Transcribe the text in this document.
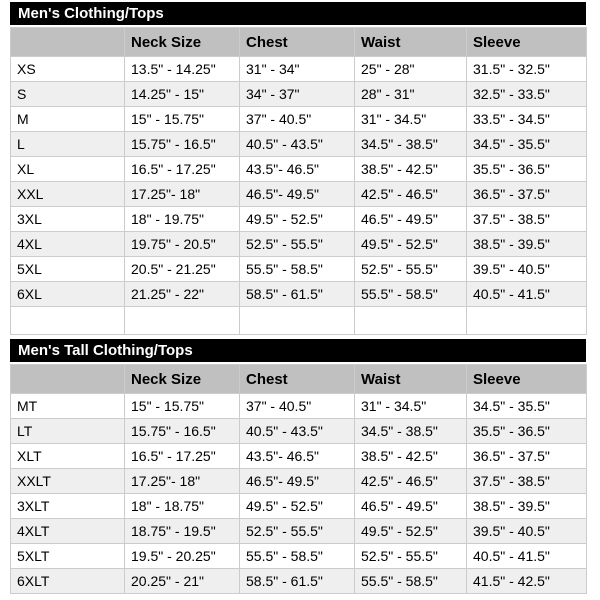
Men's Clothing/Tops
	Neck Size	Chest	Waist	Sleeve
XS	13.5" - 14.25"	31" - 34"	25" - 28"	31.5" - 32.5"
S	14.25" - 15"	34" - 37"	28" - 31"	32.5" - 33.5"
M	15" - 15.75"	37" - 40.5"	31" - 34.5"	33.5" - 34.5"
L	15.75" - 16.5"	40.5" - 43.5"	34.5" - 38.5"	34.5" - 35.5"
XL	16.5" - 17.25"	43.5"- 46.5"	38.5" - 42.5"	35.5" - 36.5"
XXL	17.25"- 18"	46.5"- 49.5"	42.5" - 46.5"	36.5" - 37.5"
3XL	18" - 19.75"	49.5" - 52.5"	46.5" - 49.5"	37.5" - 38.5"
4XL	19.75" - 20.5"	52.5" - 55.5"	49.5" - 52.5"	38.5" - 39.5"
5XL	20.5" - 21.25"	55.5" - 58.5"	52.5" - 55.5"	39.5" - 40.5"
6XL	21.25" - 22"	58.5" - 61.5"	55.5" - 58.5"	40.5" - 41.5"

Men's Tall Clothing/Tops
	Neck Size	Chest	Waist	Sleeve
MT	15" - 15.75"	37" - 40.5"	31" - 34.5"	34.5" - 35.5"
LT	15.75" - 16.5"	40.5" - 43.5"	34.5" - 38.5"	35.5" - 36.5"
XLT	16.5" - 17.25"	43.5"- 46.5"	38.5" - 42.5"	36.5" - 37.5"
XXLT	17.25"- 18"	46.5"- 49.5"	42.5" - 46.5"	37.5" - 38.5"
3XLT	18" - 18.75"	49.5" - 52.5"	46.5" - 49.5"	38.5" - 39.5"
4XLT	18.75" - 19.5"	52.5" - 55.5"	49.5" - 52.5"	39.5" - 40.5"
5XLT	19.5" - 20.25"	55.5" - 58.5"	52.5" - 55.5"	40.5" - 41.5"
6XLT	20.25" - 21"	58.5" - 61.5"	55.5" - 58.5"	41.5" - 42.5"
